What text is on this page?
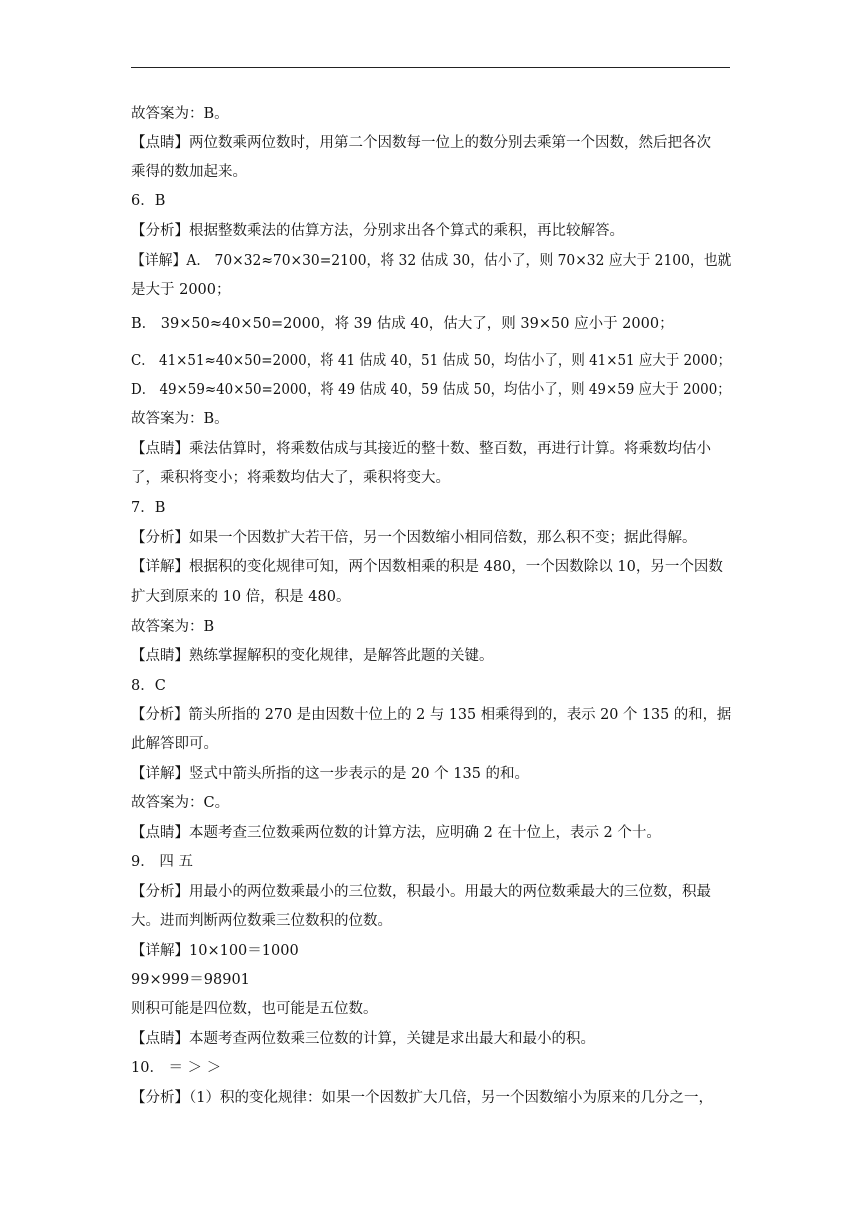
故答案为：B。
【点睛】两位数乘两位数时，用第二个因数每一位上的数分别去乘第一个因数，然后把各次
乘得的数加起来。
6．B
【分析】根据整数乘法的估算方法，分别求出各个算式的乘积，再比较解答。
【详解】A． 70×32≈70×30=2100，将 32 估成 30，估小了，则 70×32 应大于 2100，也就
是大于 2000；
B． 39×50≈40×50=2000，将 39 估成 40，估大了，则 39×50 应小于 2000；
C． 41×51≈40×50=2000，将 41 估成 40，51 估成 50，均估小了，则 41×51 应大于 2000；
D． 49×59≈40×50=2000，将 49 估成 40，59 估成 50，均估小了，则 49×59 应大于 2000；
故答案为：B。
【点睛】乘法估算时，将乘数估成与其接近的整十数、整百数，再进行计算。将乘数均估小
了，乘积将变小；将乘数均估大了，乘积将变大。
7．B
【分析】如果一个因数扩大若干倍，另一个因数缩小相同倍数，那么积不变；据此得解。
【详解】根据积的变化规律可知，两个因数相乘的积是 480，一个因数除以 10，另一个因数
扩大到原来的 10 倍，积是 480。
故答案为：B
【点睛】熟练掌握解积的变化规律，是解答此题的关键。
8．C
【分析】箭头所指的 270 是由因数十位上的 2 与 135 相乘得到的，表示 20 个 135 的和，据
此解答即可。
【详解】竖式中箭头所指的这一步表示的是 20 个 135 的和。
故答案为：C。
【点睛】本题考查三位数乘两位数的计算方法，应明确 2 在十位上，表示 2 个十。
9． 四 五
【分析】用最小的两位数乘最小的三位数，积最小。用最大的两位数乘最大的三位数，积最
大。进而判断两位数乘三位数积的位数。
【详解】10×100＝1000
99×999＝98901
则积可能是四位数，也可能是五位数。
【点睛】本题考查两位数乘三位数的计算，关键是求出最大和最小的积。
10． ＝ ＞ ＞
【分析】（1）积的变化规律：如果一个因数扩大几倍，另一个因数缩小为原来的几分之一，
